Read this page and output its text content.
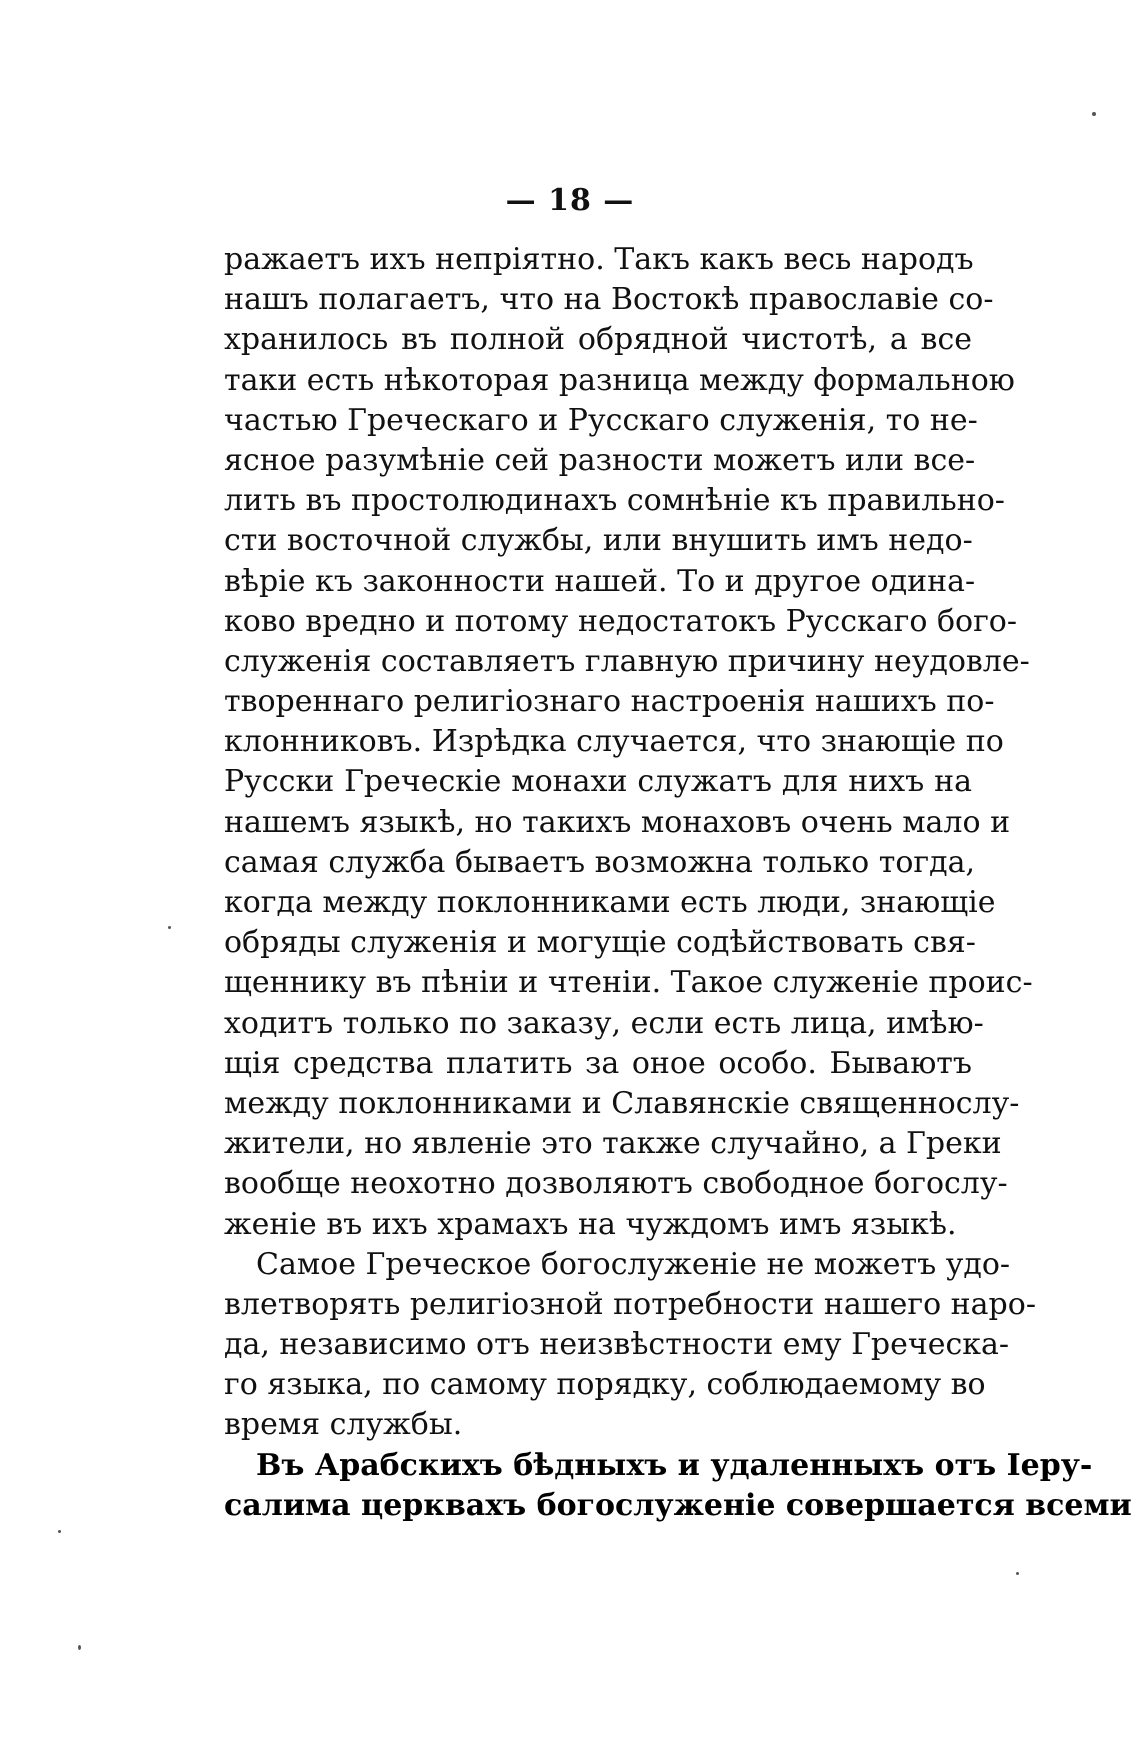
— 18 —
ражаетъ ихъ непріятно. Такъ какъ весь народъ
нашъ полагаетъ, что на Востокѣ православіе со-
хранилось въ полной обрядной чистотѣ, а все
таки есть нѣкоторая разница между формальною
частью Греческаго и Русскаго служенія, то не-
ясное разумѣніе сей разности можетъ или все-
лить въ простолюдинахъ сомнѣніе къ правильно-
сти восточной службы, или внушить имъ недо-
вѣріе къ законности нашей. То и другое одина-
ково вредно и потому недостатокъ Русскаго бого-
служенія составляетъ главную причину неудовле-
твореннаго религіознаго настроенія нашихъ по-
клонниковъ. Изрѣдка случается, что знающіе по
Русски Греческіе монахи служатъ для нихъ на
нашемъ языкѣ, но такихъ монаховъ очень мало и
самая служба бываетъ возможна только тогда,
когда между поклонниками есть люди, знающіе
обряды служенія и могущіе содѣйствовать свя-
щеннику въ пѣніи и чтеніи. Такое служеніе проис-
ходитъ только по заказу, если есть лица, имѣю-
щія средства платить за оное особо. Бываютъ
между поклонниками и Славянскіе священнослу-
жители, но явленіе это также случайно, а Греки
вообще неохотно дозволяютъ свободное богослу-
женіе въ ихъ храмахъ на чуждомъ имъ языкѣ.
Самое Греческое богослуженіе не можетъ удо-
влетворять религіозной потребности нашего наро-
да, независимо отъ неизвѣстности ему Греческа-
го языка, по самому порядку, соблюдаемому во
время службы.
Въ Арабскихъ бѣдныхъ и удаленныхъ отъ Іеру-
салима церквахъ богослуженіе совершается всеми
